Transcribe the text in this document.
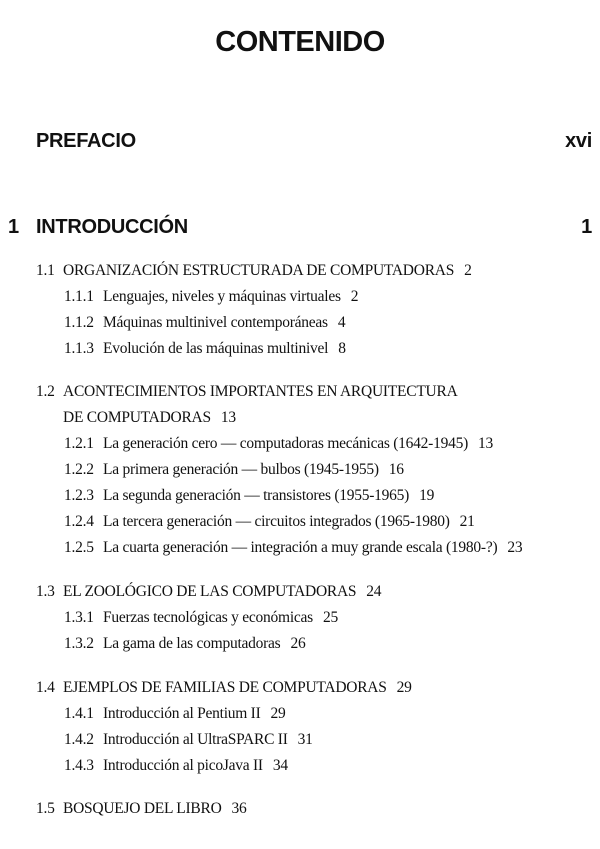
CONTENIDO
PREFACIO	xvi
1 INTRODUCCIÓN	1
1.1 ORGANIZACIÓN ESTRUCTURADA DE COMPUTADORAS 2
1.1.1 Lenguajes, niveles y máquinas virtuales 2
1.1.2 Máquinas multinivel contemporáneas 4
1.1.3 Evolución de las máquinas multinivel 8
1.2 ACONTECIMIENTOS IMPORTANTES EN ARQUITECTURA
DE COMPUTADORAS 13
1.2.1 La generación cero — computadoras mecánicas (1642-1945) 13
1.2.2 La primera generación — bulbos (1945-1955) 16
1.2.3 La segunda generación — transistores (1955-1965) 19
1.2.4 La tercera generación — circuitos integrados (1965-1980) 21
1.2.5 La cuarta generación — integración a muy grande escala (1980-?) 23
1.3 EL ZOOLÓGICO DE LAS COMPUTADORAS 24
1.3.1 Fuerzas tecnológicas y económicas 25
1.3.2 La gama de las computadoras 26
1.4 EJEMPLOS DE FAMILIAS DE COMPUTADORAS 29
1.4.1 Introducción al Pentium II 29
1.4.2 Introducción al UltraSPARC II 31
1.4.3 Introducción al picoJava II 34
1.5 BOSQUEJO DEL LIBRO 36
